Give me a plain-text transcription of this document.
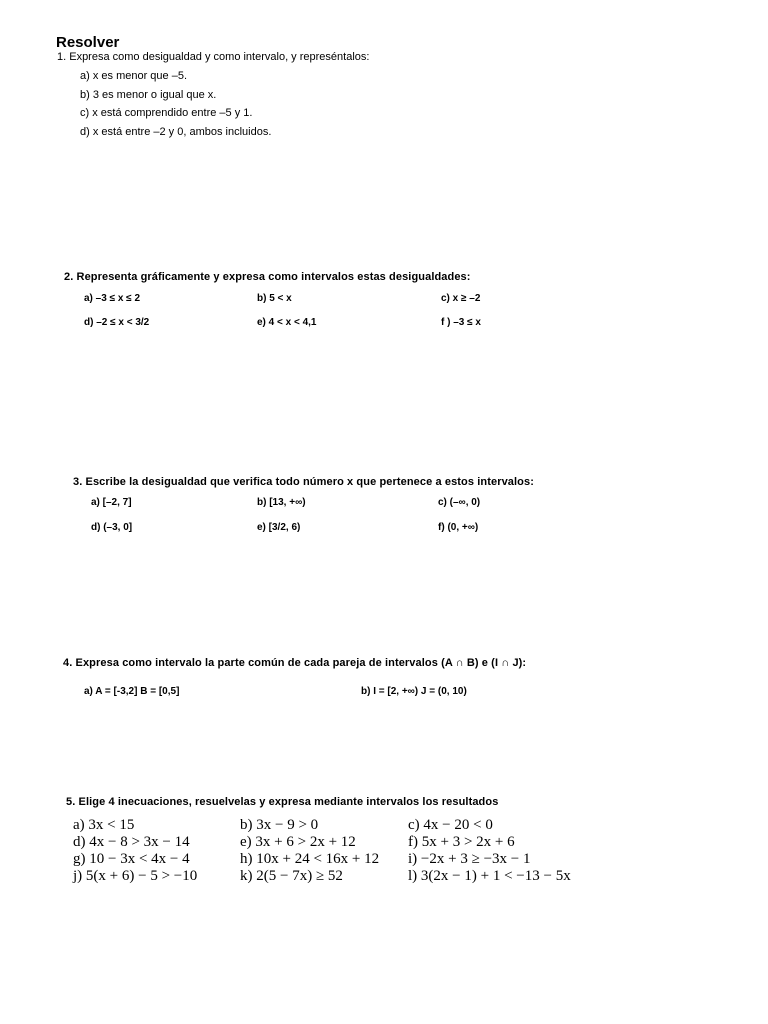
Resolver
1. Expresa como desigualdad y como intervalo, y represéntalos:
a) x es menor que –5.
b) 3 es menor o igual que x.
c) x está comprendido entre –5 y 1.
d) x está entre –2 y 0, ambos incluidos.
2. Representa gráficamente y expresa como intervalos estas desigualdades:
a) –3 ≤ x ≤ 2	b) 5 < x	c) x ≥ –2
d) –2 ≤ x < 3/2	e) 4 < x < 4,1	f ) –3 ≤ x
3. Escribe la desigualdad que verifica todo número x que pertenece a estos intervalos:
a) [–2, 7]	b) [13, +∞)	c) (–∞, 0)
d) (–3, 0]	e) [3/2, 6)	f) (0, +∞)
4. Expresa como intervalo la parte común de cada pareja de intervalos (A ∩ B) e (I ∩ J):
a) A = [-3,2] B = [0,5]	b) I = [2, +∞) J = (0, 10)
5. Elige 4 inecuaciones, resuelvelas y expresa mediante intervalos los resultados
a) 3x < 15	b) 3x − 9 > 0	c) 4x − 20 < 0
d) 4x − 8 > 3x − 14	e) 3x + 6 > 2x + 12	f) 5x + 3 > 2x + 6
g) 10 − 3x < 4x − 4	h) 10x + 24 < 16x + 12 i) −2x + 3 ≥ −3x − 1
j) 5(x + 6) − 5 > −10	k) 2(5 − 7x) ≥ 52	l) 3(2x − 1) + 1 < −13 − 5x
